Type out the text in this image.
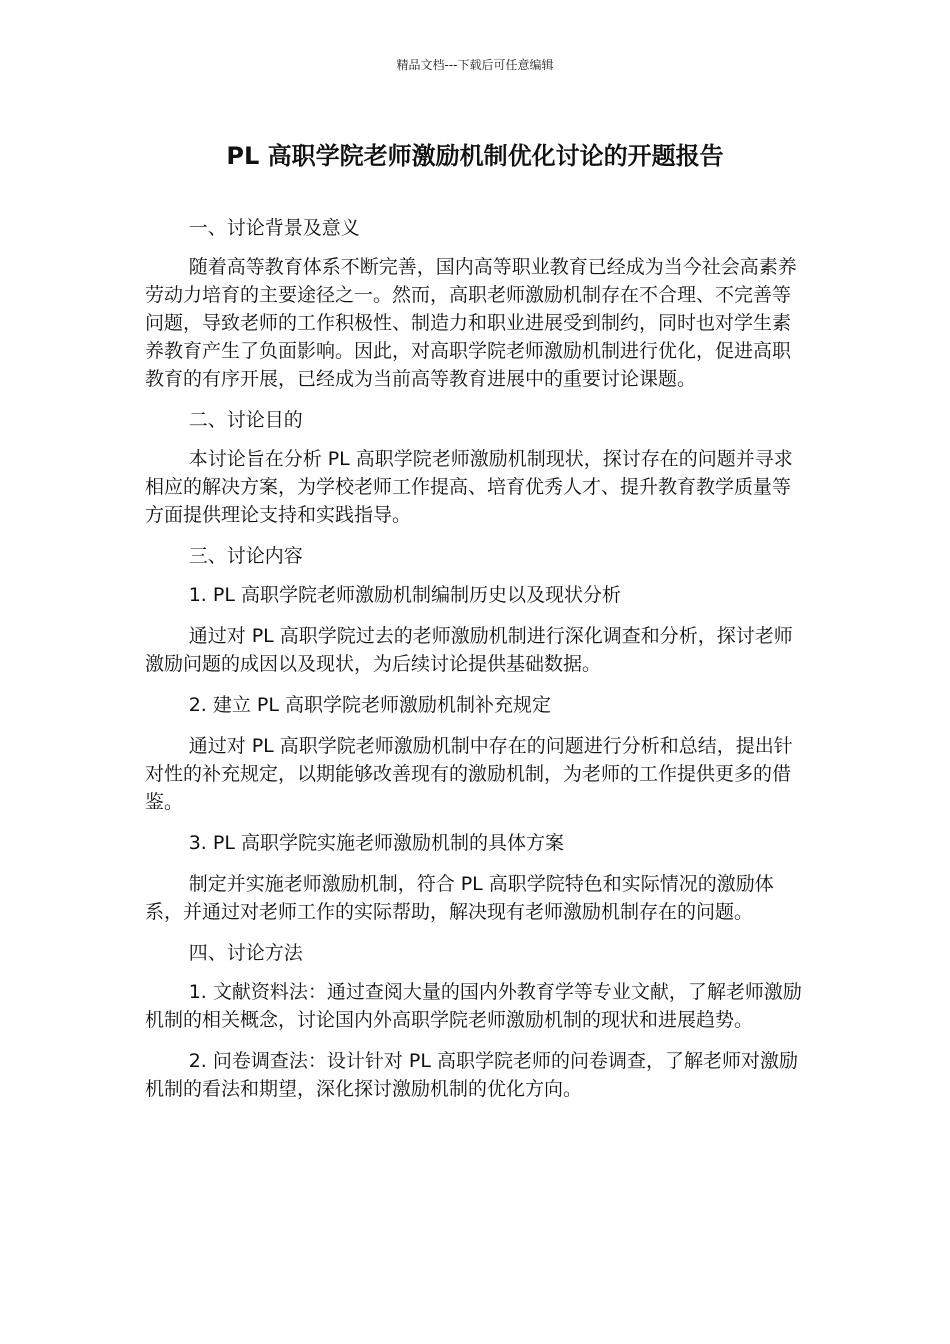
精品文档---下载后可任意编辑
PL 高职学院老师激励机制优化讨论的开题报告

一、讨论背景及意义

随着高等教育体系不断完善，国内高等职业教育已经成为当今社会高素养劳动力培育的主要途径之一。然而，高职老师激励机制存在不合理、不完善等问题，导致老师的工作积极性、制造力和职业进展受到制约，同时也对学生素养教育产生了负面影响。因此，对高职学院老师激励机制进行优化，促进高职教育的有序开展，已经成为当前高等教育进展中的重要讨论课题。

二、讨论目的

本讨论旨在分析 PL 高职学院老师激励机制现状，探讨存在的问题并寻求相应的解决方案，为学校老师工作提高、培育优秀人才、提升教育教学质量等方面提供理论支持和实践指导。

三、讨论内容

1. PL 高职学院老师激励机制编制历史以及现状分析

通过对 PL 高职学院过去的老师激励机制进行深化调查和分析，探讨老师激励问题的成因以及现状，为后续讨论提供基础数据。

2. 建立 PL 高职学院老师激励机制补充规定

通过对 PL 高职学院老师激励机制中存在的问题进行分析和总结，提出针对性的补充规定，以期能够改善现有的激励机制，为老师的工作提供更多的借鉴。

3. PL 高职学院实施老师激励机制的具体方案

制定并实施老师激励机制，符合 PL 高职学院特色和实际情况的激励体系，并通过对老师工作的实际帮助，解决现有老师激励机制存在的问题。

四、讨论方法

1. 文献资料法：通过查阅大量的国内外教育学等专业文献，了解老师激励机制的相关概念，讨论国内外高职学院老师激励机制的现状和进展趋势。

2. 问卷调查法：设计针对 PL 高职学院老师的问卷调查，了解老师对激励机制的看法和期望，深化探讨激励机制的优化方向。
